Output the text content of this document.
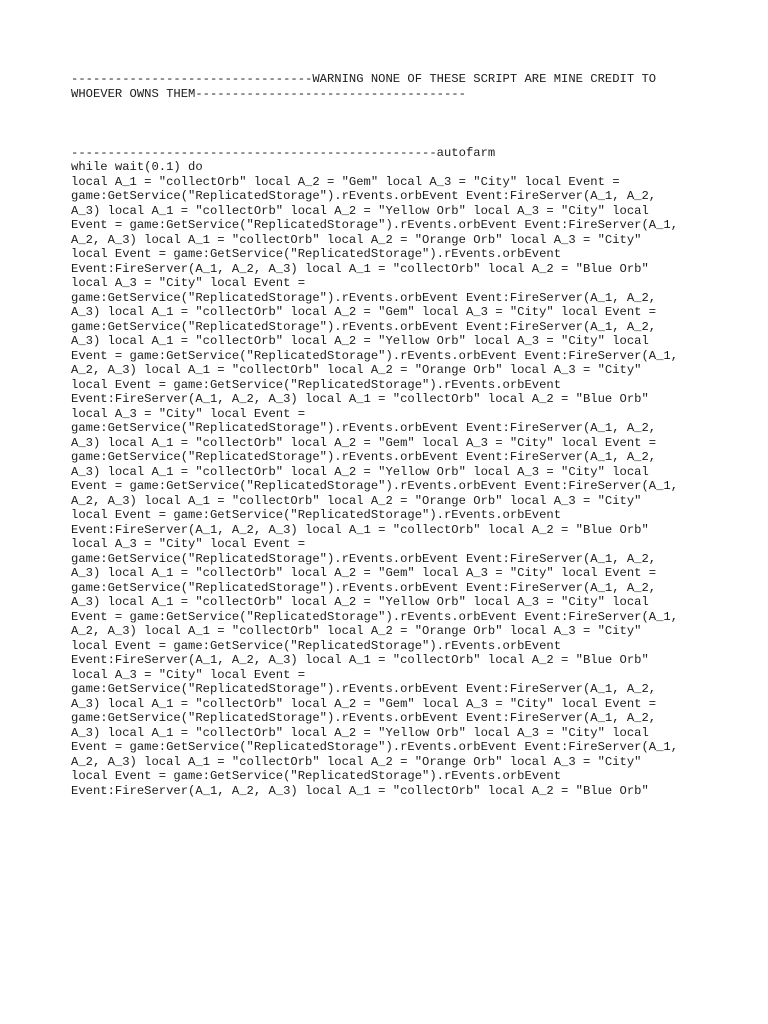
---------------------------------WARNING NONE OF THESE SCRIPT ARE MINE CREDIT TO
WHOEVER OWNS THEM-------------------------------------
--------------------------------------------------autofarm
while wait(0.1) do
local A_1 = "collectOrb" local A_2 = "Gem" local A_3 = "City" local Event =
game:GetService("ReplicatedStorage").rEvents.orbEvent Event:FireServer(A_1, A_2,
A_3) local A_1 = "collectOrb" local A_2 = "Yellow Orb" local A_3 = "City" local
Event = game:GetService("ReplicatedStorage").rEvents.orbEvent Event:FireServer(A_1,
A_2, A_3) local A_1 = "collectOrb" local A_2 = "Orange Orb" local A_3 = "City"
local Event = game:GetService("ReplicatedStorage").rEvents.orbEvent
Event:FireServer(A_1, A_2, A_3) local A_1 = "collectOrb" local A_2 = "Blue Orb"
local A_3 = "City" local Event =
game:GetService("ReplicatedStorage").rEvents.orbEvent Event:FireServer(A_1, A_2,
A_3) local A_1 = "collectOrb" local A_2 = "Gem" local A_3 = "City" local Event =
game:GetService("ReplicatedStorage").rEvents.orbEvent Event:FireServer(A_1, A_2,
A_3) local A_1 = "collectOrb" local A_2 = "Yellow Orb" local A_3 = "City" local
Event = game:GetService("ReplicatedStorage").rEvents.orbEvent Event:FireServer(A_1,
A_2, A_3) local A_1 = "collectOrb" local A_2 = "Orange Orb" local A_3 = "City"
local Event = game:GetService("ReplicatedStorage").rEvents.orbEvent
Event:FireServer(A_1, A_2, A_3) local A_1 = "collectOrb" local A_2 = "Blue Orb"
local A_3 = "City" local Event =
game:GetService("ReplicatedStorage").rEvents.orbEvent Event:FireServer(A_1, A_2,
A_3) local A_1 = "collectOrb" local A_2 = "Gem" local A_3 = "City" local Event =
game:GetService("ReplicatedStorage").rEvents.orbEvent Event:FireServer(A_1, A_2,
A_3) local A_1 = "collectOrb" local A_2 = "Yellow Orb" local A_3 = "City" local
Event = game:GetService("ReplicatedStorage").rEvents.orbEvent Event:FireServer(A_1,
A_2, A_3) local A_1 = "collectOrb" local A_2 = "Orange Orb" local A_3 = "City"
local Event = game:GetService("ReplicatedStorage").rEvents.orbEvent
Event:FireServer(A_1, A_2, A_3) local A_1 = "collectOrb" local A_2 = "Blue Orb"
local A_3 = "City" local Event =
game:GetService("ReplicatedStorage").rEvents.orbEvent Event:FireServer(A_1, A_2,
A_3) local A_1 = "collectOrb" local A_2 = "Gem" local A_3 = "City" local Event =
game:GetService("ReplicatedStorage").rEvents.orbEvent Event:FireServer(A_1, A_2,
A_3) local A_1 = "collectOrb" local A_2 = "Yellow Orb" local A_3 = "City" local
Event = game:GetService("ReplicatedStorage").rEvents.orbEvent Event:FireServer(A_1,
A_2, A_3) local A_1 = "collectOrb" local A_2 = "Orange Orb" local A_3 = "City"
local Event = game:GetService("ReplicatedStorage").rEvents.orbEvent
Event:FireServer(A_1, A_2, A_3) local A_1 = "collectOrb" local A_2 = "Blue Orb"
local A_3 = "City" local Event =
game:GetService("ReplicatedStorage").rEvents.orbEvent Event:FireServer(A_1, A_2,
A_3) local A_1 = "collectOrb" local A_2 = "Gem" local A_3 = "City" local Event =
game:GetService("ReplicatedStorage").rEvents.orbEvent Event:FireServer(A_1, A_2,
A_3) local A_1 = "collectOrb" local A_2 = "Yellow Orb" local A_3 = "City" local
Event = game:GetService("ReplicatedStorage").rEvents.orbEvent Event:FireServer(A_1,
A_2, A_3) local A_1 = "collectOrb" local A_2 = "Orange Orb" local A_3 = "City"
local Event = game:GetService("ReplicatedStorage").rEvents.orbEvent
Event:FireServer(A_1, A_2, A_3) local A_1 = "collectOrb" local A_2 = "Blue Orb"
